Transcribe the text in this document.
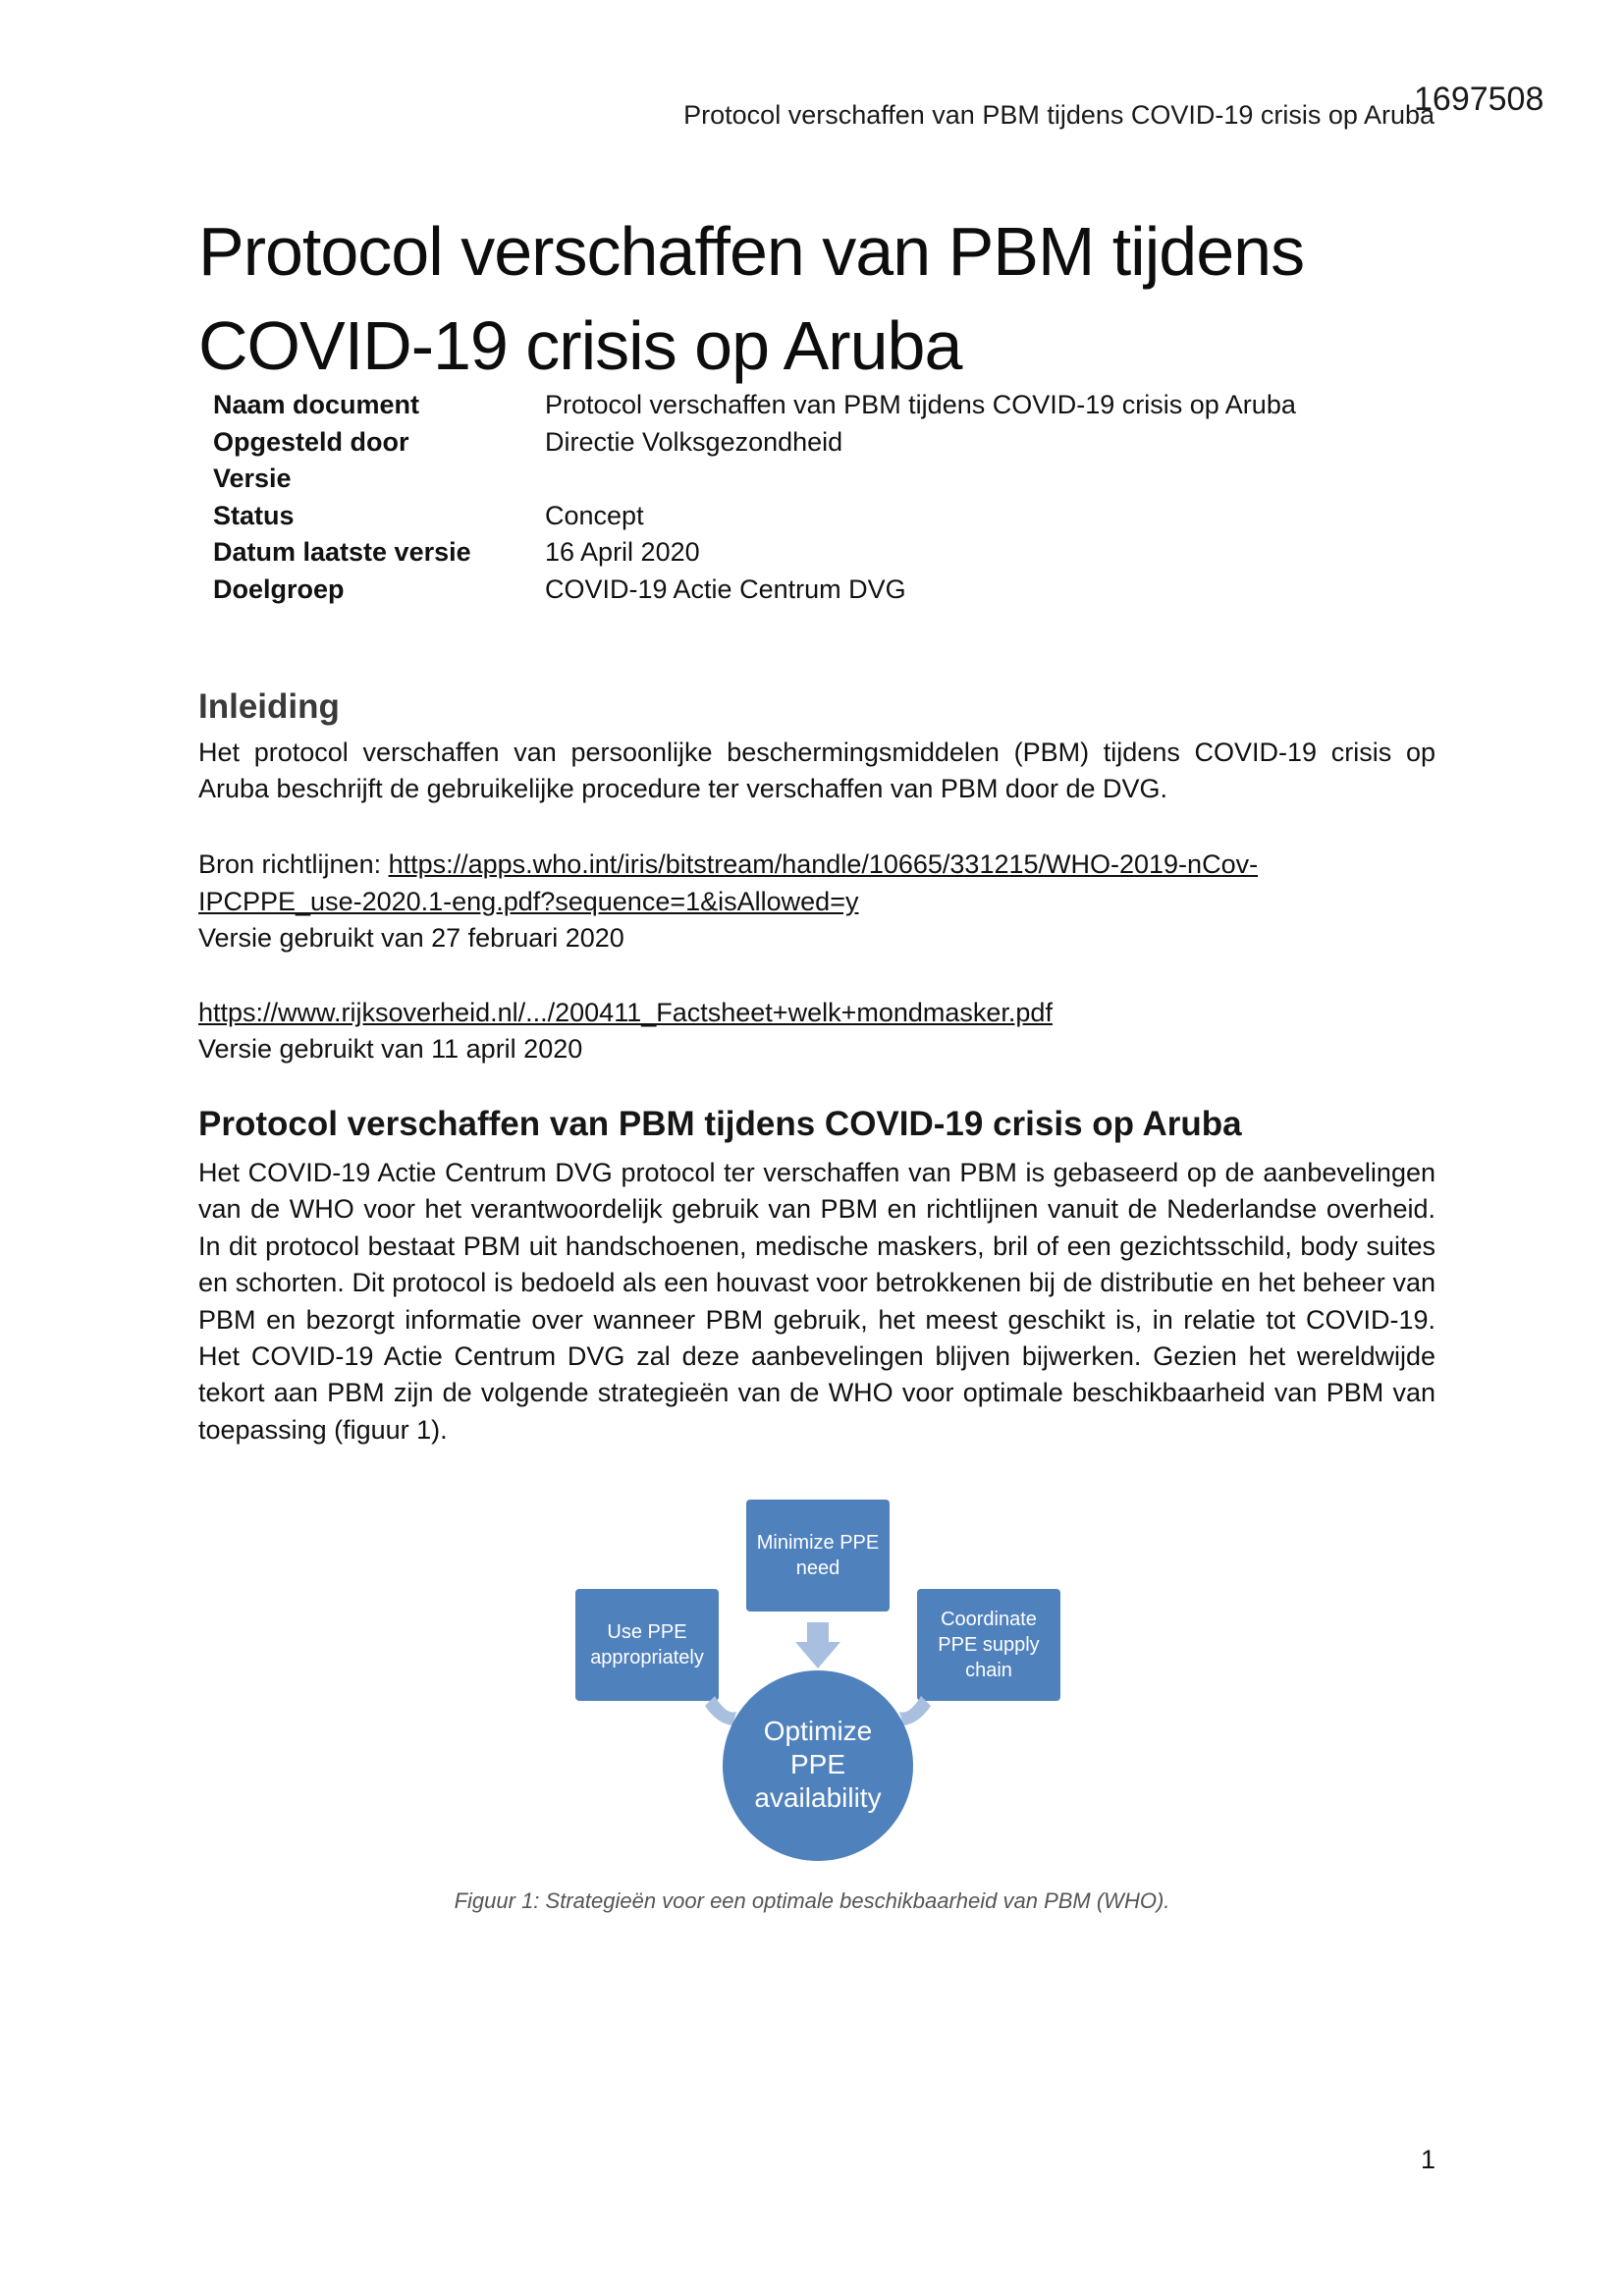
1697508
Protocol verschaffen van PBM tijdens COVID-19 crisis op Aruba
Protocol verschaffen van PBM tijdens
COVID-19 crisis op Aruba
Naam document	Protocol verschaffen van PBM tijdens COVID-19 crisis op Aruba
Opgesteld door	Directie Volksgezondheid
Versie	
Status	Concept
Datum laatste versie	16 April 2020
Doelgroep	COVID-19 Actie Centrum DVG
Inleiding

Het protocol verschaffen van persoonlijke beschermingsmiddelen (PBM) tijdens COVID-19 crisis op Aruba beschrijft de gebruikelijke procedure ter verschaffen van PBM door de DVG.

Bron richtlijnen: https://apps.who.int/iris/bitstream/handle/10665/331215/WHO-2019-nCov-

IPCPPE_use-2020.1-eng.pdf?sequence=1&isAllowed=y

Versie gebruikt van 27 februari 2020

https://www.rijksoverheid.nl/.../200411_Factsheet+welk+mondmasker.pdf

Versie gebruikt van 11 april 2020

Protocol verschaffen van PBM tijdens COVID-19 crisis op Aruba

Het COVID-19 Actie Centrum DVG protocol ter verschaffen van PBM is gebaseerd op de aanbevelingen van de WHO voor het verantwoordelijk gebruik van PBM en richtlijnen vanuit de Nederlandse overheid. In dit protocol bestaat PBM uit handschoenen, medische maskers, bril of een gezichtsschild, body suites en schorten. Dit protocol is bedoeld als een houvast voor betrokkenen bij de distributie en het beheer van PBM en bezorgt informatie over wanneer PBM gebruik, het meest geschikt is, in relatie tot COVID-19. Het COVID-19 Actie Centrum DVG zal deze aanbevelingen blijven bijwerken. Gezien het wereldwijde tekort aan PBM zijn de volgende strategieën van de WHO voor optimale beschikbaarheid van PBM van toepassing (figuur 1).

Minimize PPE
need
Use PPE
appropriately
Coordinate
PPE supply
chain
Optimize
PPE
availability
Figuur 1: Strategieën voor een optimale beschikbaarheid van PBM (WHO).
1
